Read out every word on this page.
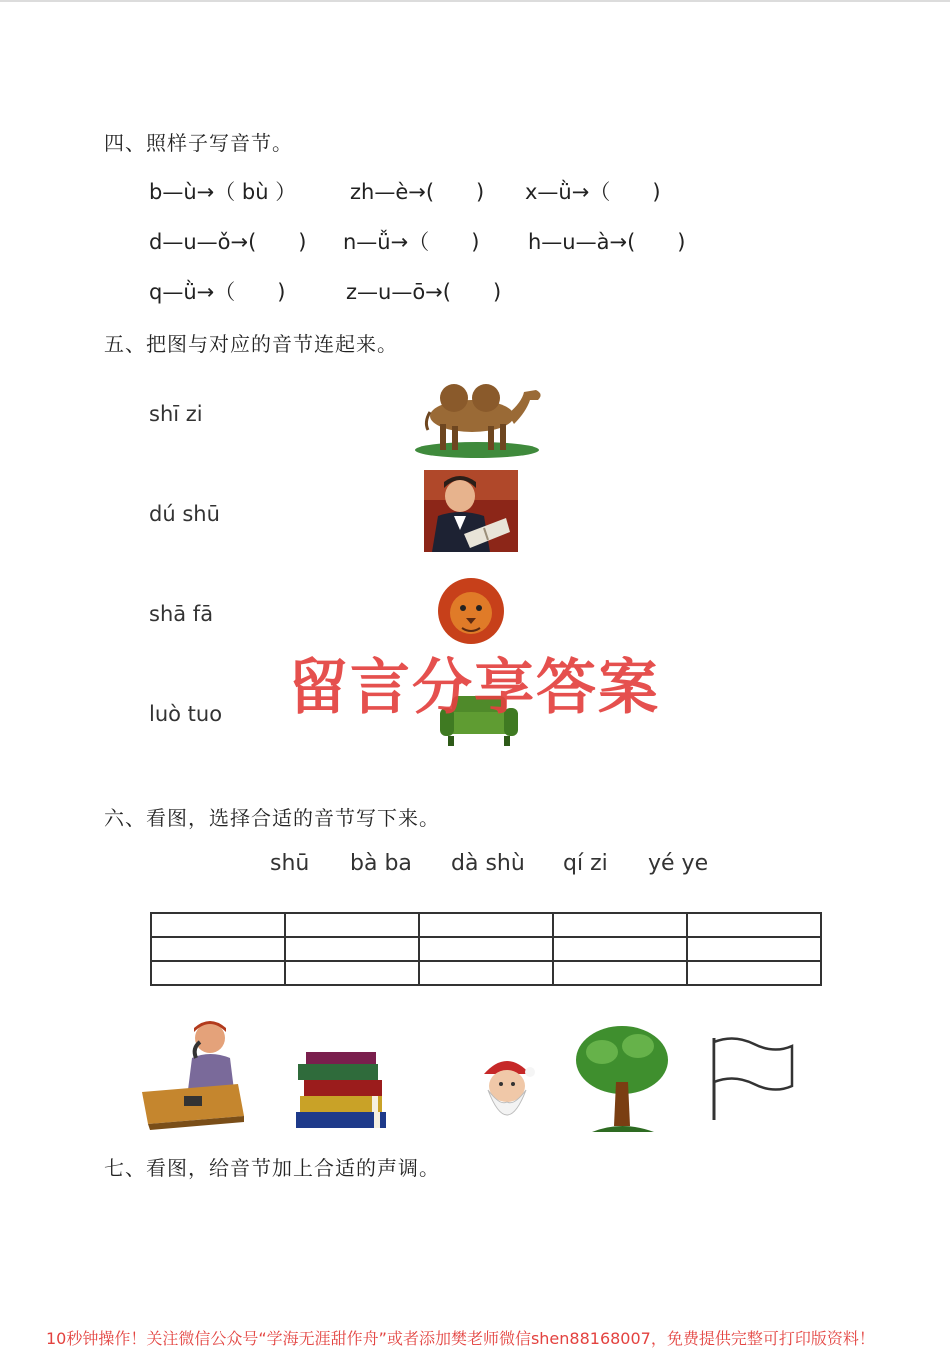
四、照样子写音节。
b—ù→（ bù ）	zh—è→(　　) x—ǜ→（　　)
d—u—ǒ→(　　) n—ǚ→（　　) h—u—à→(　　)
q—ǜ→（　　)	z—u—ō→(　　)
五、把图与对应的音节连起来。
shī zi
dú shū
shā fā
luò tuo 留言分享答案
六、看图，选择合适的音节写下来。
shū bà ba dà shù qí zi yé ye

七、看图，给音节加上合适的声调。
10秒钟操作！关注微信公众号“学海无涯甜作舟”或者添加樊老师微信shen88168007，免费提供完整可打印版资料！
